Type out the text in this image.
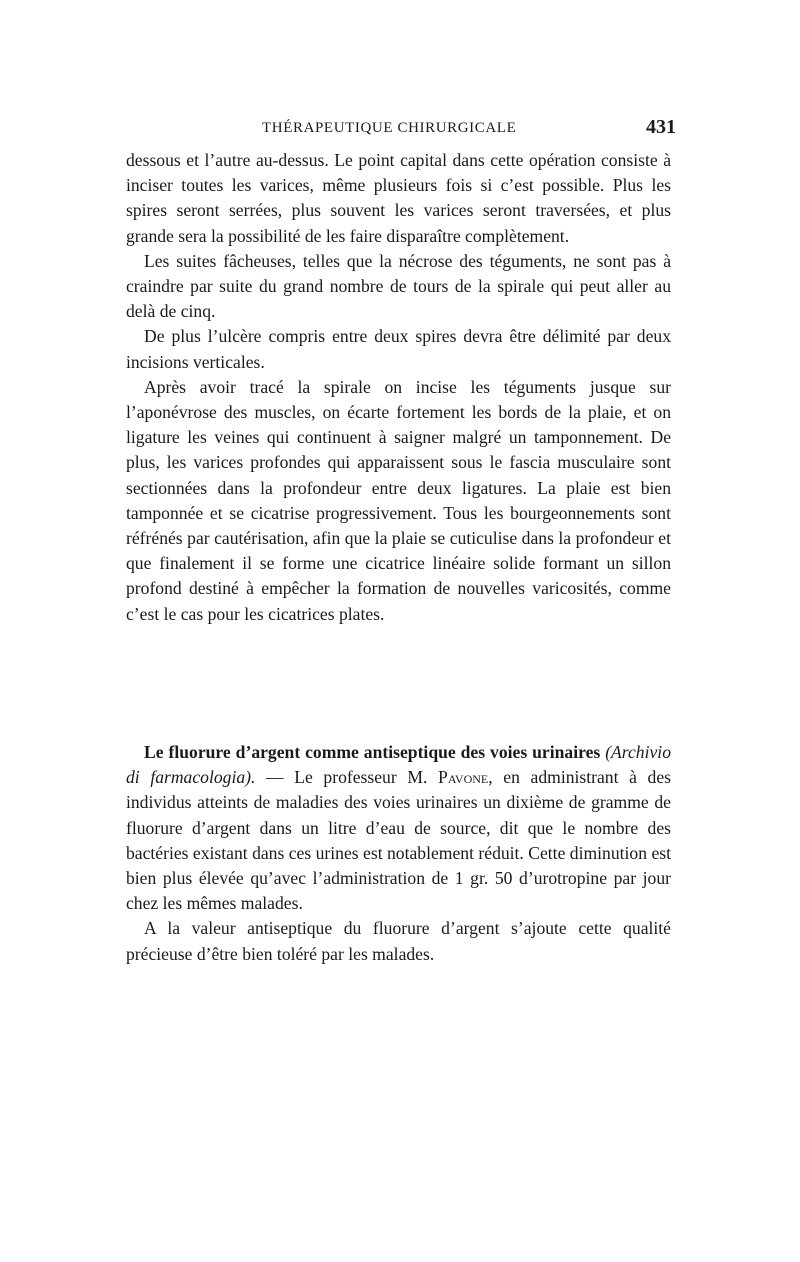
THÉRAPEUTIQUE CHIRURGICALE	431

dessous et l’autre au-dessus. Le point capital dans cette opération consiste à inciser toutes les varices, même plusieurs fois si c’est possible. Plus les spires seront serrées, plus souvent les varices seront traversées, et plus grande sera la possibilité de les faire disparaître complètement.

Les suites fâcheuses, telles que la nécrose des téguments, ne sont pas à craindre par suite du grand nombre de tours de la spirale qui peut aller au delà de cinq.

De plus l’ulcère compris entre deux spires devra être délimité par deux incisions verticales.

Après avoir tracé la spirale on incise les téguments jusque sur l’aponévrose des muscles, on écarte fortement les bords de la plaie, et on ligature les veines qui continuent à saigner malgré un tamponnement. De plus, les varices profondes qui apparaissent sous le fascia musculaire sont sectionnées dans la profondeur entre deux ligatures. La plaie est bien tamponnée et se cicatrise progressivement. Tous les bourgeonnements sont réfrénés par cautérisation, afin que la plaie se cuticulise dans la profondeur et que finalement il se forme une cicatrice linéaire solide formant un sillon profond destiné à empêcher la formation de nouvelles varicosités, comme c’est le cas pour les cicatrices plates.

Le fluorure d’argent comme antiseptique des voies urinaires (Archivio di farmacologia). — Le professeur M. Pavone, en administrant à des individus atteints de maladies des voies urinaires un dixième de gramme de fluorure d’argent dans un litre d’eau de source, dit que le nombre des bactéries existant dans ces urines est notablement réduit. Cette diminution est bien plus élevée qu’avec l’administration de 1 gr. 50 d’urotropine par jour chez les mêmes malades.

A la valeur antiseptique du fluorure d’argent s’ajoute cette qualité précieuse d’être bien toléré par les malades.
